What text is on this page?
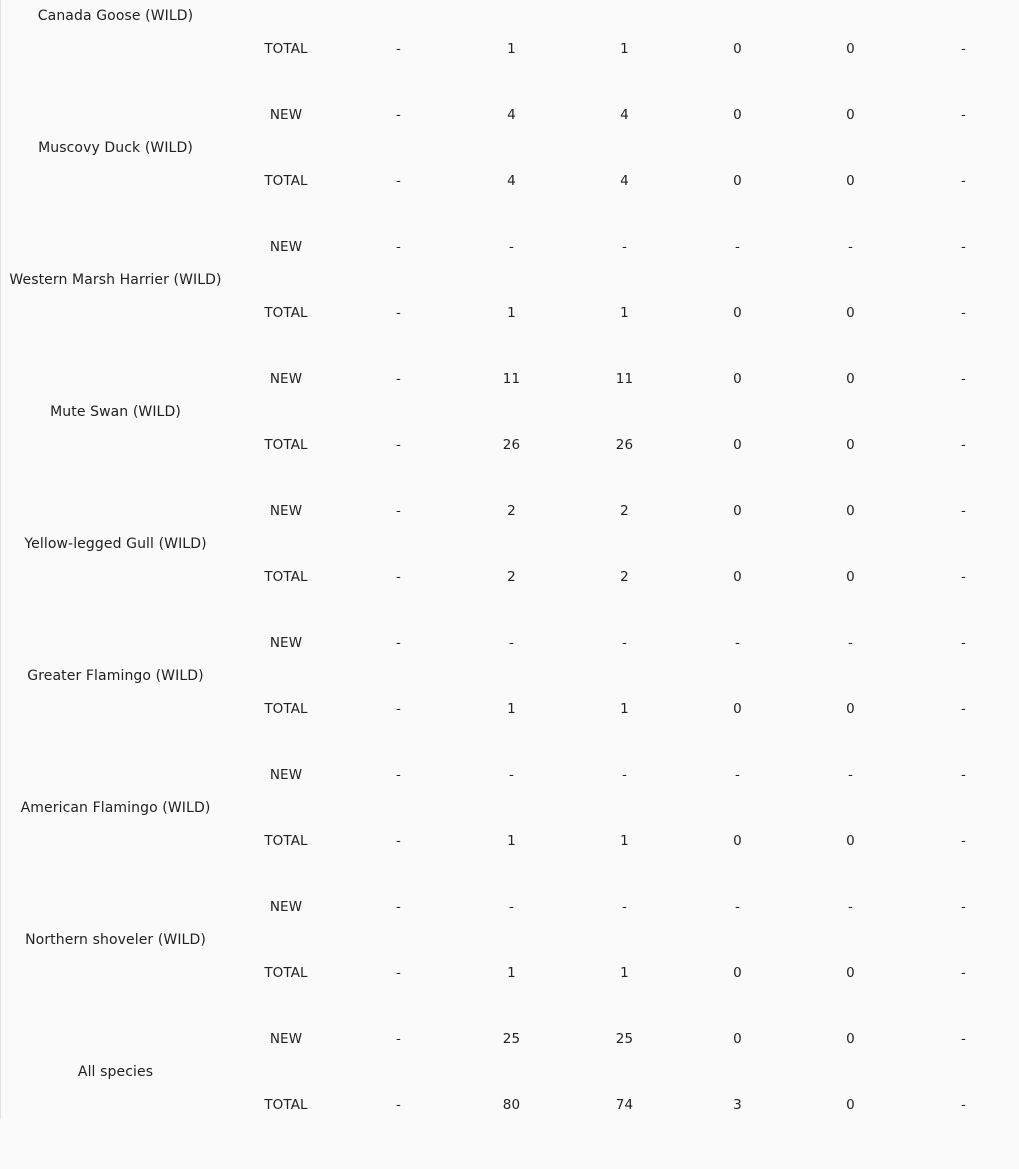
Canada Goose (WILD)							
	TOTAL	-	1	1	0	0	-
Muscovy Duck (WILD)	NEW	-	4	4	0	0	-
	TOTAL	-	4	4	0	0	-
Western Marsh Harrier (WILD)	NEW	-	-	-	-	-	-
	TOTAL	-	1	1	0	0	-
Mute Swan (WILD)	NEW	-	11	11	0	0	-
	TOTAL	-	26	26	0	0	-
Yellow-legged Gull (WILD)	NEW	-	2	2	0	0	-
	TOTAL	-	2	2	0	0	-
Greater Flamingo (WILD)	NEW	-	-	-	-	-	-
	TOTAL	-	1	1	0	0	-
American Flamingo (WILD)	NEW	-	-	-	-	-	-
	TOTAL	-	1	1	0	0	-
Northern shoveler (WILD)	NEW	-	-	-	-	-	-
	TOTAL	-	1	1	0	0	-
All species	NEW	-	25	25	0	0	-
	TOTAL	-	80	74	3	0	-
